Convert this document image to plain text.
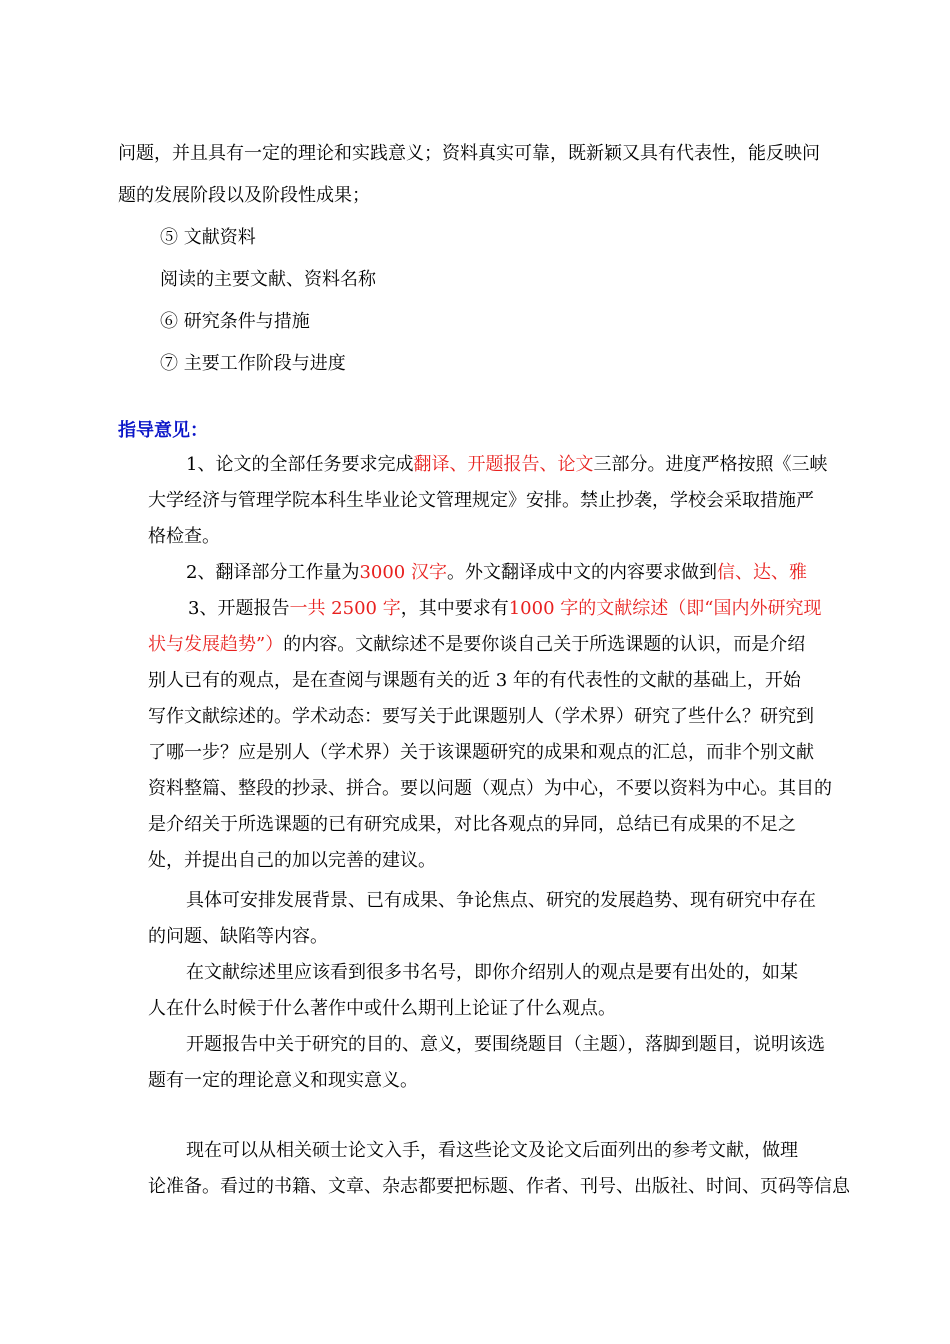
问题，并且具有一定的理论和实践意义；资料真实可靠，既新颖又具有代表性，能反映问
题的发展阶段以及阶段性成果；
⑤ 文献资料
阅读的主要文献、资料名称
⑥ 研究条件与措施
⑦ 主要工作阶段与进度
指导意见：
1、论文的全部任务要求完成翻译、开题报告、论文三部分。进度严格按照《三峡
大学经济与管理学院本科生毕业论文管理规定》安排。禁止抄袭，学校会采取措施严
格检查。
2、翻译部分工作量为3000 汉字。外文翻译成中文的内容要求做到信、达、雅
3、开题报告一共 2500 字，其中要求有1000 字的文献综述（即“国内外研究现
状与发展趋势”）的内容。文献综述不是要你谈自己关于所选课题的认识，而是介绍
别人已有的观点，是在查阅与课题有关的近 3 年的有代表性的文献的基础上，开始
写作文献综述的。学术动态：要写关于此课题别人（学术界）研究了些什么？研究到
了哪一步？应是别人（学术界）关于该课题研究的成果和观点的汇总，而非个别文献
资料整篇、整段的抄录、拼合。要以问题（观点）为中心，不要以资料为中心。其目的
是介绍关于所选课题的已有研究成果，对比各观点的异同，总结已有成果的不足之
处，并提出自己的加以完善的建议。
具体可安排发展背景、已有成果、争论焦点、研究的发展趋势、现有研究中存在
的问题、缺陷等内容。
在文献综述里应该看到很多书名号，即你介绍别人的观点是要有出处的，如某
人在什么时候于什么著作中或什么期刊上论证了什么观点。
开题报告中关于研究的目的、意义，要围绕题目（主题），落脚到题目，说明该选
题有一定的理论意义和现实意义。
现在可以从相关硕士论文入手，看这些论文及论文后面列出的参考文献，做理
论准备。看过的书籍、文章、杂志都要把标题、作者、刊号、出版社、时间、页码等信息
